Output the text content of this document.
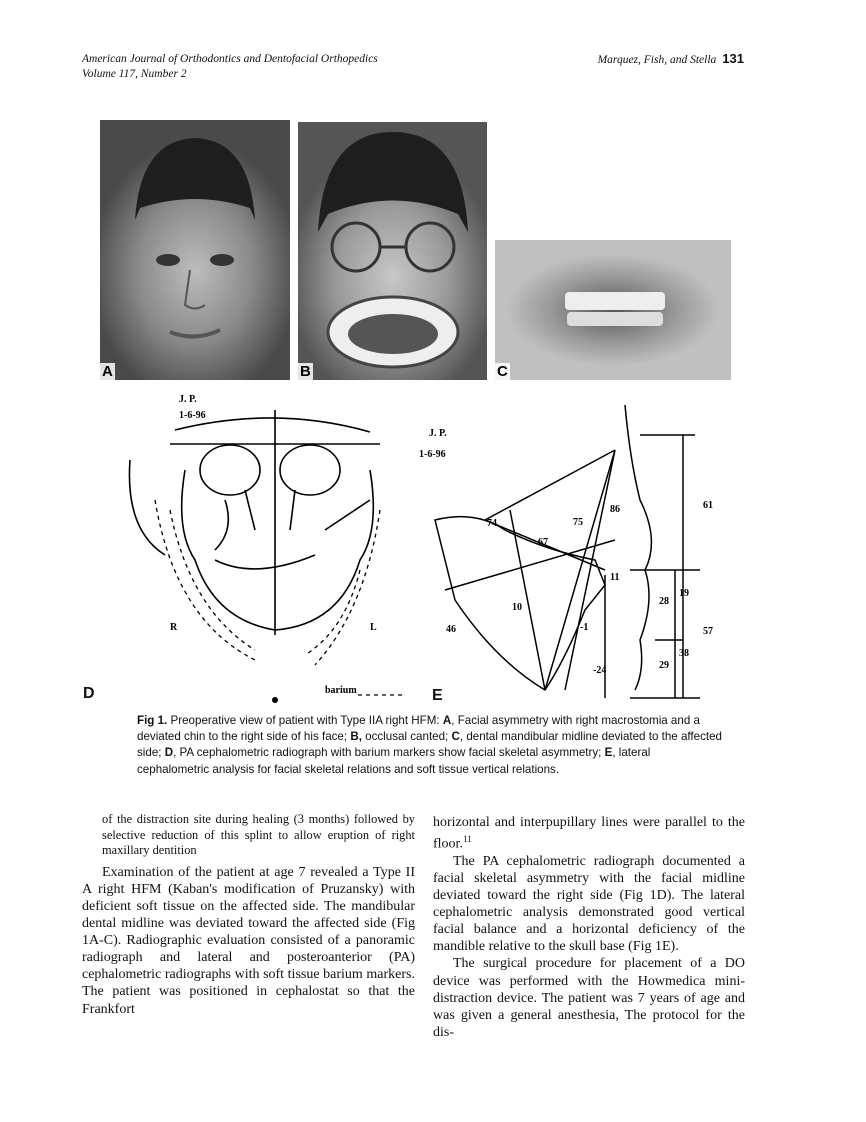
American Journal of Orthodontics and Dentofacial Orthopedics
Volume 117, Number 2
Marquez, Fish, and Stella 131
A	B	C
D
J. P.
1-6-96
R	L
barium	E
J. P.
1-6-96
86	61
75
74
67
11
19
28
57
10
-1
46
38
29
-24
Fig 1. Preoperative view of patient with Type IIA right HFM: A, Facial asymmetry with right macrostomia and a deviated chin to the right side of his face; B, occlusal canted; C, dental mandibular midline deviated to the affected side; D, PA cephalometric radiograph with barium markers show facial skeletal asymmetry; E, lateral cephalometric analysis for facial skeletal relations and soft tissue vertical relations.

of the distraction site during healing (3 months) followed by selective reduction of this splint to allow eruption of right maxillary dentition

Examination of the patient at age 7 revealed a Type II A right HFM (Kaban's modification of Pruzansky) with deficient soft tissue on the affected side. The mandibular dental midline was deviated toward the affected side (Fig 1A-C). Radiographic evaluation consisted of a panoramic radiograph and lateral and posteroanterior (PA) cephalometric radiographs with soft tissue barium markers. The patient was positioned in cephalostat so that the Frankfort

horizontal and interpupillary lines were parallel to the floor.$^{11}$

The PA cephalometric radiograph documented a facial skeletal asymmetry with the facial midline deviated toward the right side (Fig 1D). The lateral cephalometric analysis demonstrated good vertical facial balance and a horizontal deficiency of the mandible relative to the skull base (Fig 1E).

The surgical procedure for placement of a DO device was performed with the Howmedica mini-distraction device. The patient was 7 years of age and was given a general anesthesia, The protocol for the dis-
